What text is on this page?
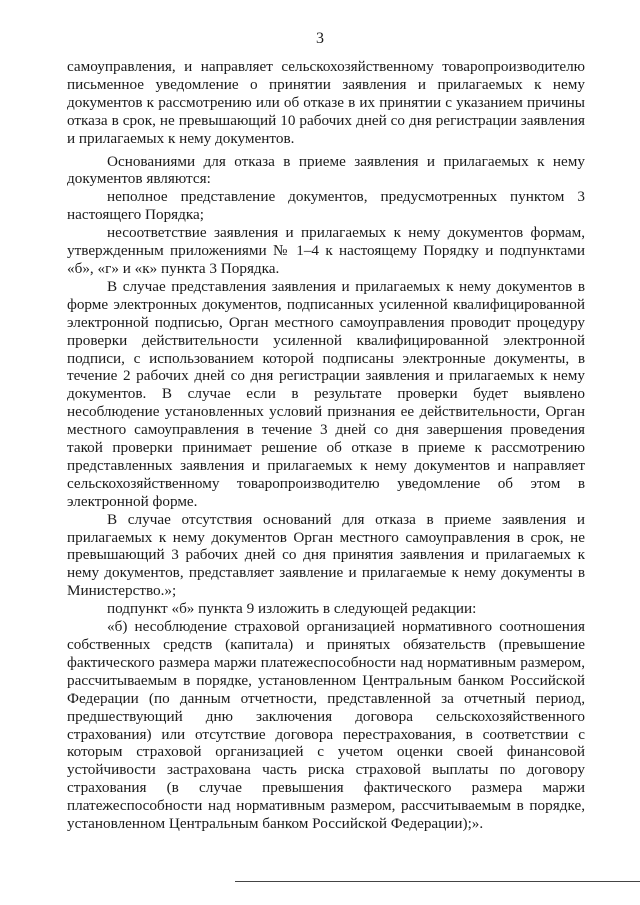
3

самоуправления, и направляет сельскохозяйственному товаропроизводителю письменное уведомление о принятии заявления и прилагаемых к нему документов к рассмотрению или об отказе в их принятии с указанием причины отказа в срок, не превышающий 10 рабочих дней со дня регистрации заявления и прилагаемых к нему документов.

Основаниями для отказа в приеме заявления и прилагаемых к нему документов являются:

неполное представление документов, предусмотренных пунктом 3 настоящего Порядка;

несоответствие заявления и прилагаемых к нему документов формам, утвержденным приложениями № 1–4 к настоящему Порядку и подпунктами «б», «г» и «к» пункта 3 Порядка.

В случае представления заявления и прилагаемых к нему документов в форме электронных документов, подписанных усиленной квалифицированной электронной подписью, Орган местного самоуправления проводит процедуру проверки действительности усиленной квалифицированной электронной подписи, с использованием которой подписаны электронные документы, в течение 2 рабочих дней со дня регистрации заявления и прилагаемых к нему документов. В случае если в результате проверки будет выявлено несоблюдение установленных условий признания ее действительности, Орган местного самоуправления в течение 3 дней со дня завершения проведения такой проверки принимает решение об отказе в приеме к рассмотрению представленных заявления и прилагаемых к нему документов и направляет сельскохозяйственному товаропроизводителю уведомление об этом в электронной форме.

В случае отсутствия оснований для отказа в приеме заявления и прилагаемых к нему документов Орган местного самоуправления в срок, не превышающий 3 рабочих дней со дня принятия заявления и прилагаемых к нему документов, представляет заявление и прилагаемые к нему документы в Министерство.»;

подпункт «б» пункта 9 изложить в следующей редакции:

«б) несоблюдение страховой организацией нормативного соотношения собственных средств (капитала) и принятых обязательств (превышение фактического размера маржи платежеспособности над нормативным размером, рассчитываемым в порядке, установленном Центральным банком Российской Федерации (по данным отчетности, представленной за отчетный период, предшествующий дню заключения договора сельскохозяйственного страхования) или отсутствие договора перестрахования, в соответствии с которым страховой организацией с учетом оценки своей финансовой устойчивости застрахована часть риска страховой выплаты по договору страхования (в случае превышения фактического размера маржи платежеспособности над нормативным размером, рассчитываемым в порядке, установленном Центральным банком Российской Федерации);».
